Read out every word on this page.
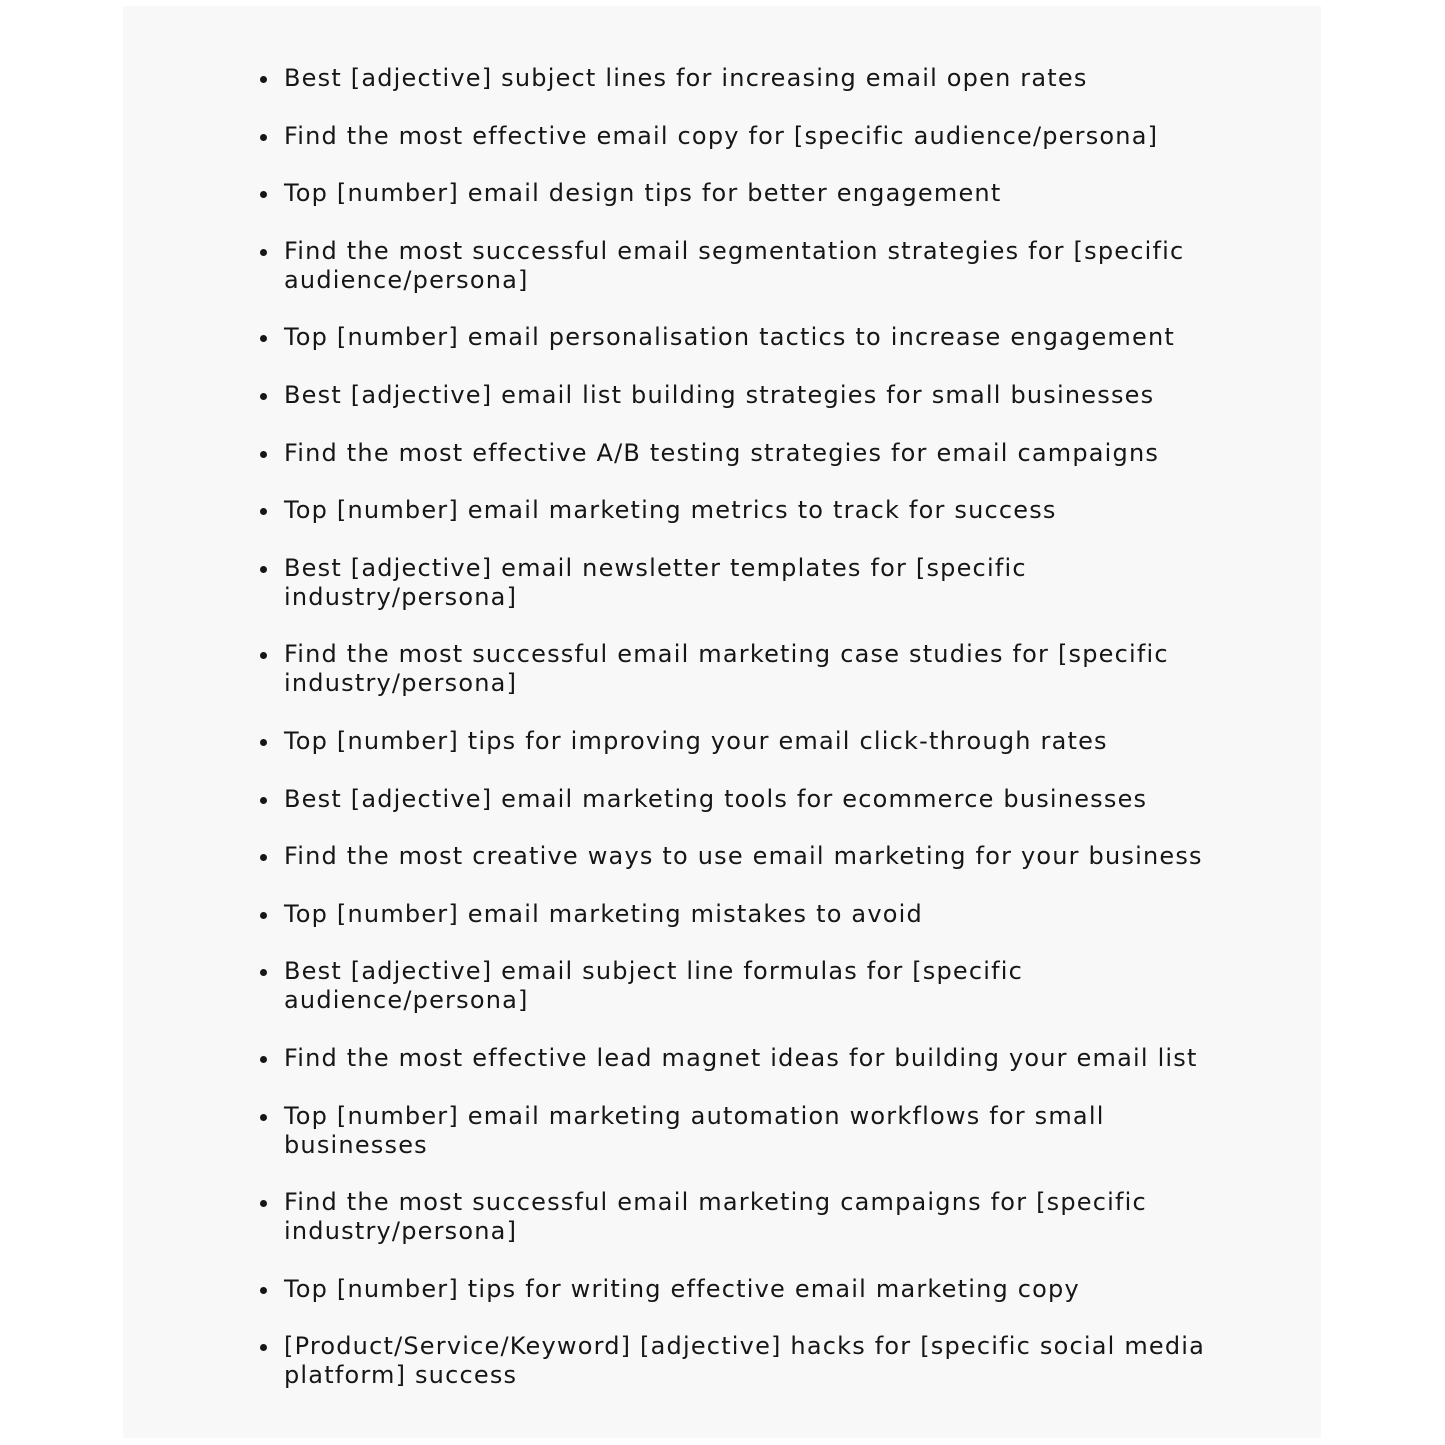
Best [adjective] subject lines for increasing email open rates
Find the most effective email copy for [specific audience/persona]
Top [number] email design tips for better engagement
Find the most successful email segmentation strategies for [specific audience/persona]
Top [number] email personalisation tactics to increase engagement
Best [adjective] email list building strategies for small businesses
Find the most effective A/B testing strategies for email campaigns
Top [number] email marketing metrics to track for success
Best [adjective] email newsletter templates for [specific industry/persona]
Find the most successful email marketing case studies for [specific industry/persona]
Top [number] tips for improving your email click-through rates
Best [adjective] email marketing tools for ecommerce businesses
Find the most creative ways to use email marketing for your business
Top [number] email marketing mistakes to avoid
Best [adjective] email subject line formulas for [specific audience/persona]
Find the most effective lead magnet ideas for building your email list
Top [number] email marketing automation workflows for small businesses
Find the most successful email marketing campaigns for [specific industry/persona]
Top [number] tips for writing effective email marketing copy
[Product/Service/Keyword] [adjective] hacks for [specific social media platform] success
